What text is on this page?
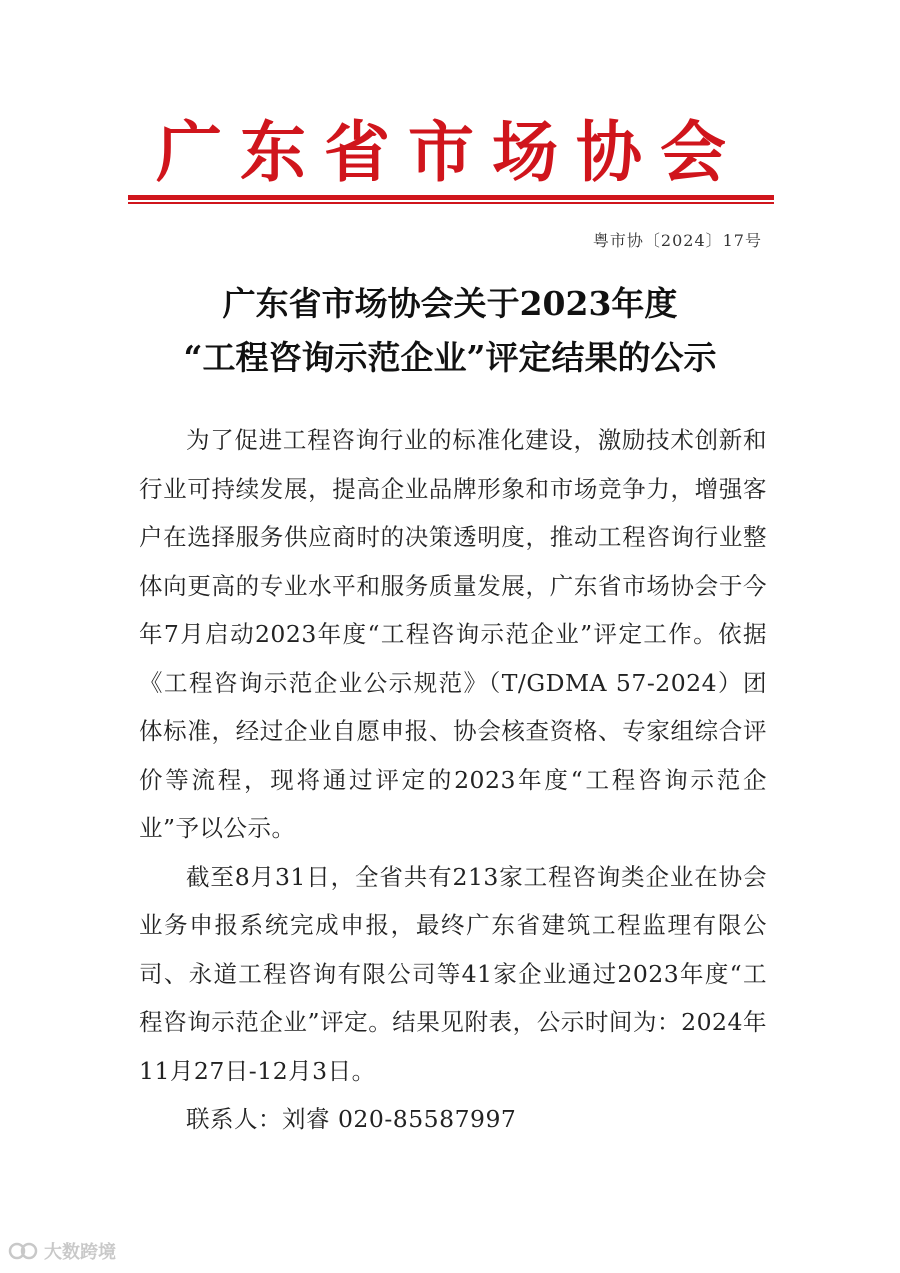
广东省市场协会
粤市协〔2024〕17号
广东省市场协会关于2023年度
“工程咨询示范企业”评定结果的公示

为了促进工程咨询行业的标准化建设，激励技术创新和行业可持续发展，提高企业品牌形象和市场竞争力，增强客户在选择服务供应商时的决策透明度，推动工程咨询行业整体向更高的专业水平和服务质量发展，广东省市场协会于今年7月启动2023年度“工程咨询示范企业”评定工作。依据《工程咨询示范企业公示规范》（T/GDMA 57-2024）团体标准，经过企业自愿申报、协会核查资格、专家组综合评价等流程，现将通过评定的2023年度“工程咨询示范企业”予以公示。

截至8月31日，全省共有213家工程咨询类企业在协会业务申报系统完成申报，最终广东省建筑工程监理有限公司、永道工程咨询有限公司等41家企业通过2023年度“工程咨询示范企业”评定。结果见附表，公示时间为：2024年11月27日-12月3日。

联系人：刘睿 020-85587997

大数跨境
